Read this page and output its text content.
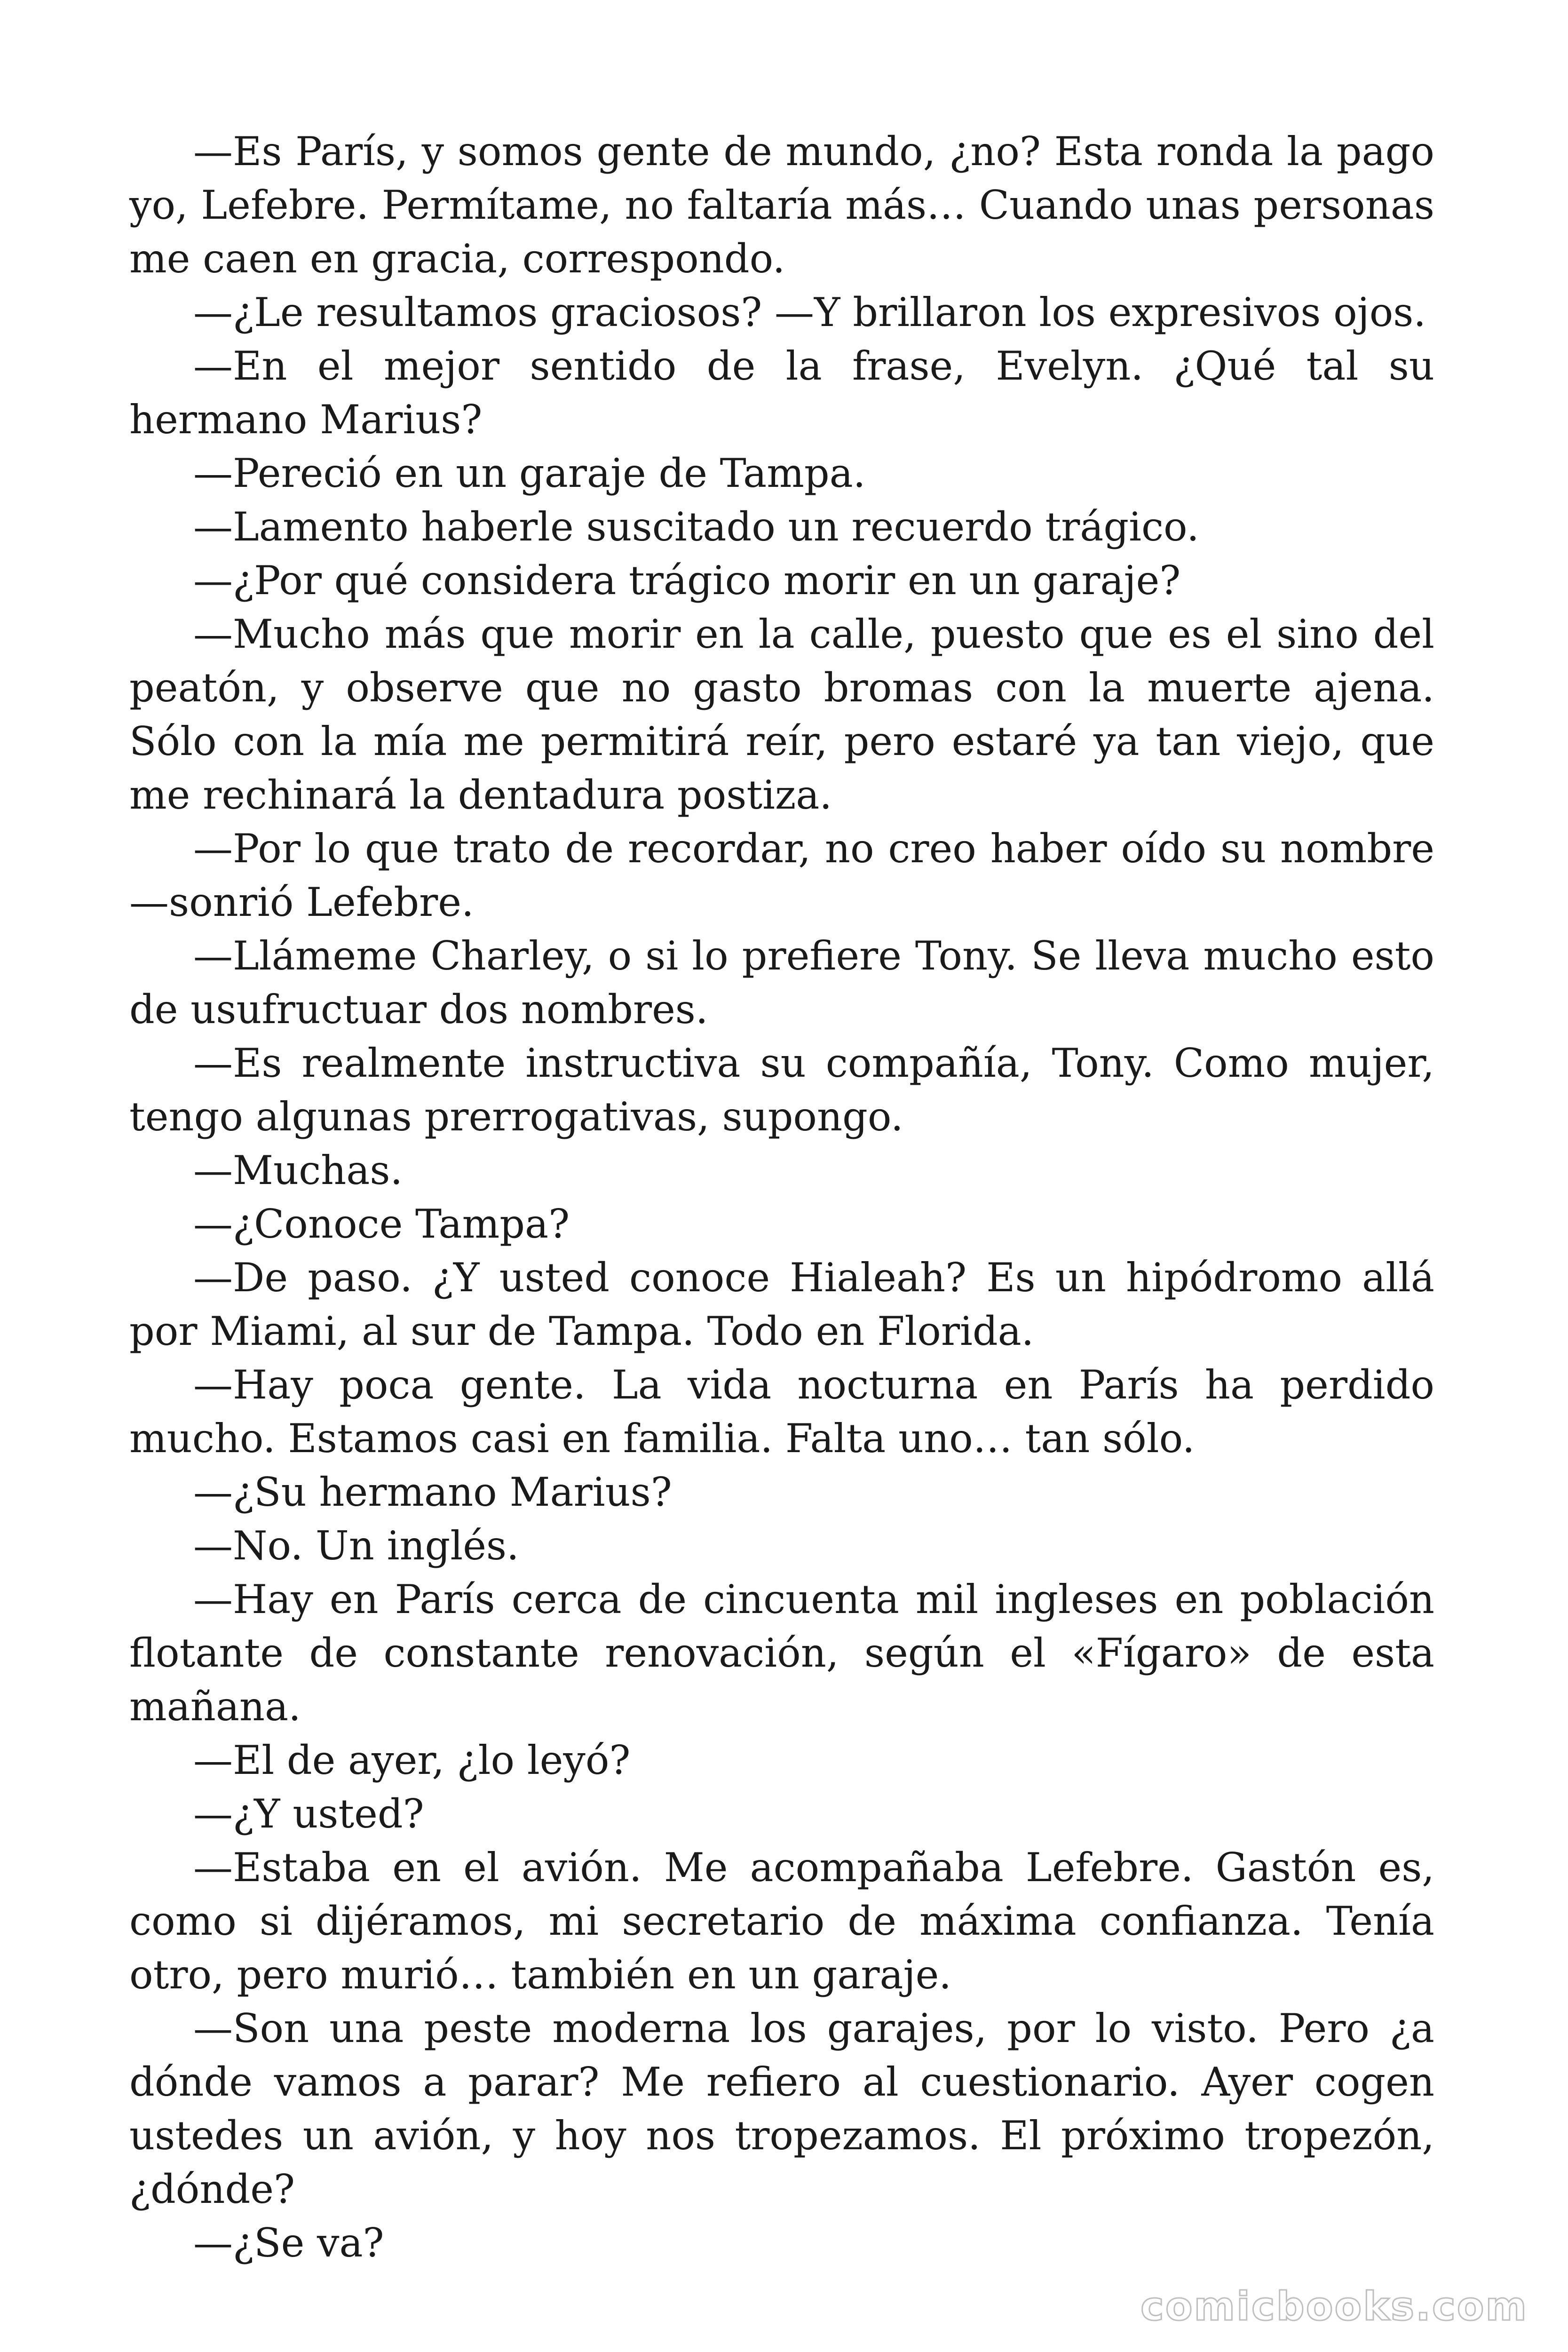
—Es París, y somos gente de mundo, ¿no? Esta ronda la pago yo, Lefebre. Permítame, no faltaría más… Cuando unas personas me caen en gracia, correspondo.

—¿Le resultamos graciosos? —Y brillaron los expresivos ojos.

—En el mejor sentido de la frase, Evelyn. ¿Qué tal su hermano Marius?

—Pereció en un garaje de Tampa.

—Lamento haberle suscitado un recuerdo trágico.

—¿Por qué considera trágico morir en un garaje?

—Mucho más que morir en la calle, puesto que es el sino del peatón, y observe que no gasto bromas con la muerte ajena. Sólo con la mía me permitirá reír, pero estaré ya tan viejo, que me rechinará la dentadura postiza.

—Por lo que trato de recordar, no creo haber oído su nombre —sonrió Lefebre.

—Llámeme Charley, o si lo prefiere Tony. Se lleva mucho esto de usufructuar dos nombres.

—Es realmente instructiva su compañía, Tony. Como mujer, tengo algunas prerrogativas, supongo.

—Muchas.

—¿Conoce Tampa?

—De paso. ¿Y usted conoce Hialeah? Es un hipódromo allá por Miami, al sur de Tampa. Todo en Florida.

—Hay poca gente. La vida nocturna en París ha perdido mucho. Estamos casi en familia. Falta uno… tan sólo.

—¿Su hermano Marius?

—No. Un inglés.

—Hay en París cerca de cincuenta mil ingleses en población flotante de constante renovación, según el «Fígaro» de esta mañana.

—El de ayer, ¿lo leyó?

—¿Y usted?

—Estaba en el avión. Me acompañaba Lefebre. Gastón es, como si dijéramos, mi secretario de máxima confianza. Tenía otro, pero murió… también en un garaje.

—Son una peste moderna los garajes, por lo visto. Pero ¿a dónde vamos a parar? Me refiero al cuestionario. Ayer cogen ustedes un avión, y hoy nos tropezamos. El próximo tropezón, ¿dónde?

—¿Se va?

comicbooks.com
